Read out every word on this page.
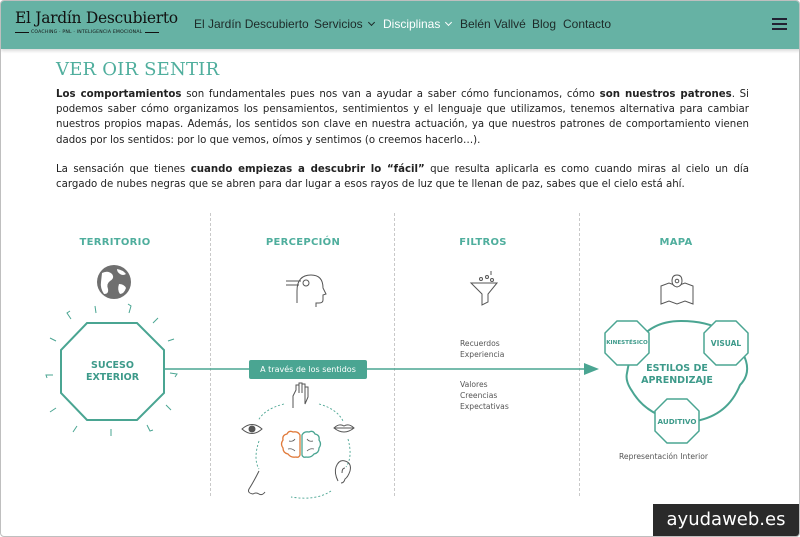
El Jardín Descubierto
COACHING · PNL · INTELIGENCIA EMOCIONAL
El Jardín Descubierto Servicios	Disciplinas	Belén Vallvé Blog Contacto
VER OIR SENTIR

Los comportamientos son fundamentales pues nos van a ayudar a saber cómo funcionamos, cómo son nuestros patrones. Si podemos saber cómo organizamos los pensamientos, sentimientos y el lenguaje que utilizamos, tenemos alternativa para cambiar nuestros propios mapas. Además, los sentidos son clave en nuestra actuación, ya que nuestros patrones de comportamiento vienen dados por los sentidos: por lo que vemos, oímos y sentimos (o creemos hacerlo…).

La sensación que tienes cuando empiezas a descubrir lo “fácil” que resulta aplicarla es como cuando miras al cielo un día cargado de nubes negras que se abren para dar lugar a esos rayos de luz que te llenan de paz, sabes que el cielo está ahí.

TERRITORIO	PERCEPCIÓN	FILTROS	MAPA
SUCESO
EXTERIOR
A través de los sentidos
Recuerdos
Experiencia
Valores
Creencias
Expectativas
KINESTÉSICO	VISUAL
AUDITIVO
ESTILOS DE
APRENDIZAJE
Representación Interior
ayudaweb.es
